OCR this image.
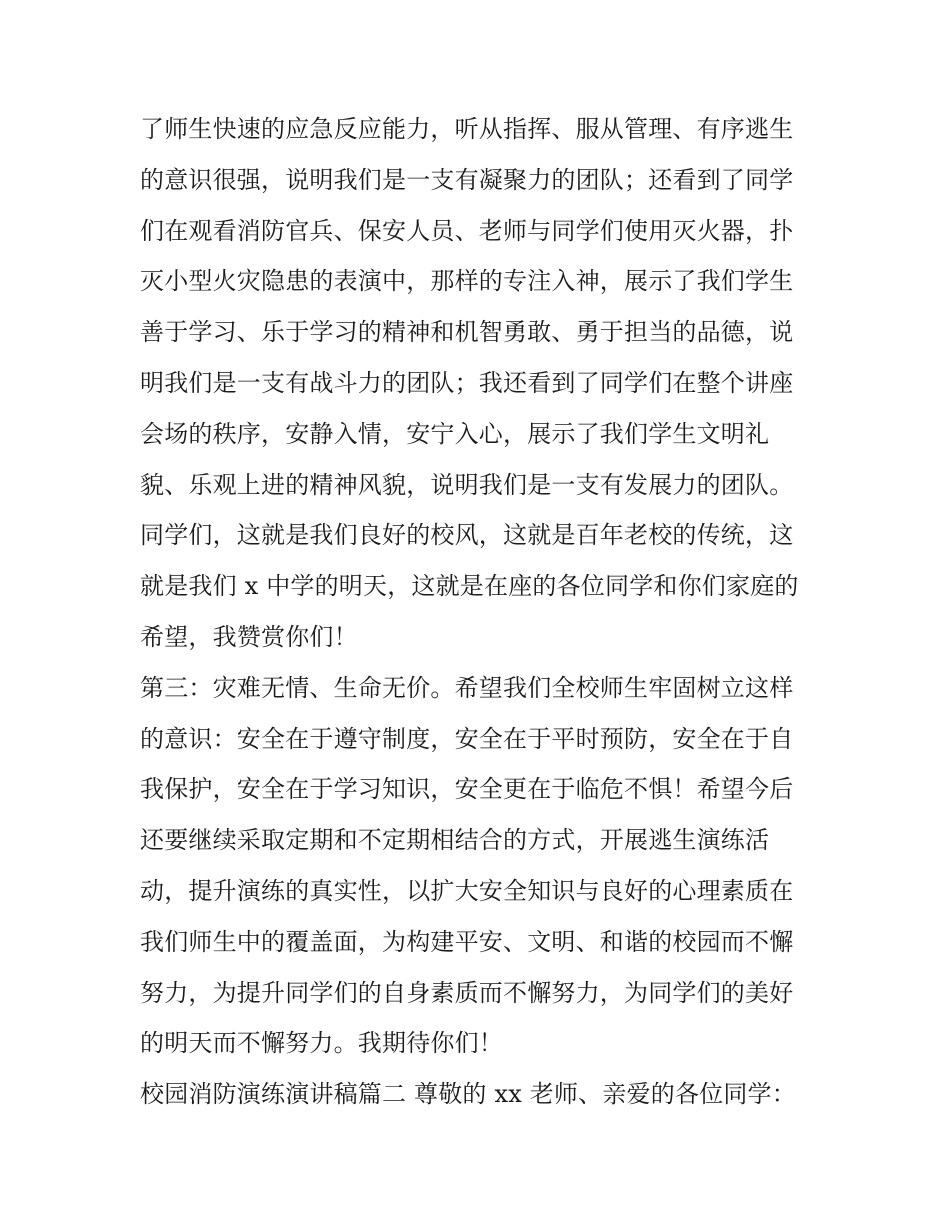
了师生快速的应急反应能力，听从指挥、服从管理、有序逃生
的意识很强，说明我们是一支有凝聚力的团队；还看到了同学
们在观看消防官兵、保安人员、老师与同学们使用灭火器，扑
灭小型火灾隐患的表演中，那样的专注入神，展示了我们学生
善于学习、乐于学习的精神和机智勇敢、勇于担当的品德，说
明我们是一支有战斗力的团队；我还看到了同学们在整个讲座
会场的秩序，安静入情，安宁入心，展示了我们学生文明礼
貌、乐观上进的精神风貌，说明我们是一支有发展力的团队。
同学们，这就是我们良好的校风，这就是百年老校的传统，这
就是我们 x 中学的明天，这就是在座的各位同学和你们家庭的
希望，我赞赏你们！
第三：灾难无情、生命无价。希望我们全校师生牢固树立这样
的意识：安全在于遵守制度，安全在于平时预防，安全在于自
我保护，安全在于学习知识，安全更在于临危不惧！希望今后
还要继续采取定期和不定期相结合的方式，开展逃生演练活
动，提升演练的真实性，以扩大安全知识与良好的心理素质在
我们师生中的覆盖面，为构建平安、文明、和谐的校园而不懈
努力，为提升同学们的自身素质而不懈努力，为同学们的美好
的明天而不懈努力。我期待你们！
校园消防演练演讲稿篇二 尊敬的 xx 老师、亲爱的各位同学：
